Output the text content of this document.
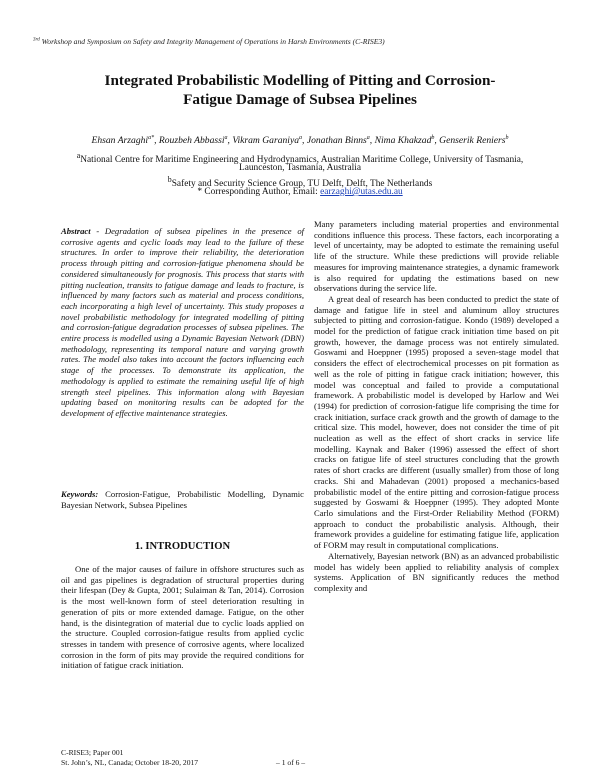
$^{3rd}$ Workshop and Symposium on Safety and Integrity Management of Operations in Harsh Environments (C-RISE3)
Integrated Probabilistic Modelling of Pitting and Corrosion-
Fatigue Damage of Subsea Pipelines
Ehsan Arzaghi$^{a*}$, Rouzbeh Abbassi$^a$, Vikram Garaniya$^a$, Jonathan Binns$^a$, Nima Khakzad$^b$, Genserik Reniers$^b$
$^a$National Centre for Maritime Engineering and Hydrodynamics, Australian Maritime College, University of Tasmania,
Launceston, Tasmania, Australia
$^b$Safety and Security Science Group, TU Delft, Delft, The Netherlands
* Corresponding Author, Email: earzaghi@utas.edu.au

Abstract - Degradation of subsea pipelines in the presence of corrosive agents and cyclic loads may lead to the failure of these structures. In order to improve their reliability, the deterioration process through pitting and corrosion-fatigue phenomena should be considered simultaneously for prognosis. This process that starts with pitting nucleation, transits to fatigue damage and leads to fracture, is influenced by many factors such as material and process conditions, each incorporating a high level of uncertainty. This study proposes a novel probabilistic methodology for integrated modelling of pitting and corrosion-fatigue degradation processes of subsea pipelines. The entire process is modelled using a Dynamic Bayesian Network (DBN) methodology, representing its temporal nature and varying growth rates. The model also takes into account the factors influencing each stage of the processes. To demonstrate its application, the methodology is applied to estimate the remaining useful life of high strength steel pipelines. This information along with Bayesian updating based on monitoring results can be adopted for the development of effective maintenance strategies.

Keywords: Corrosion-Fatigue, Probabilistic Modelling, Dynamic Bayesian Network, Subsea Pipelines

1. INTRODUCTION

One of the major causes of failure in offshore structures such as oil and gas pipelines is degradation of structural properties during their lifespan (Dey & Gupta, 2001; Sulaiman & Tan, 2014). Corrosion is the most well-known form of steel deterioration resulting in generation of pits or more extended damage. Fatigue, on the other hand, is the disintegration of material due to cyclic loads applied on the structure. Coupled corrosion-fatigue results from applied cyclic stresses in tandem with presence of corrosive agents, where localized corrosion in the form of pits may provide the required conditions for initiation of fatigue crack initiation.

Many parameters including material properties and environmental conditions influence this process. These factors, each incorporating a level of uncertainty, may be adopted to estimate the remaining useful life of the structure. While these predictions will provide reliable measures for improving maintenance strategies, a dynamic framework is also required for updating the estimations based on new observations during the service life.

A great deal of research has been conducted to predict the state of damage and fatigue life in steel and aluminum alloy structures subjected to pitting and corrosion-fatigue. Kondo (1989) developed a model for the prediction of fatigue crack initiation time based on pit growth, however, the damage process was not entirely simulated. Goswami and Hoeppner (1995) proposed a seven-stage model that considers the effect of electrochemical processes on pit formation as well as the role of pitting in fatigue crack initiation; however, this model was conceptual and failed to provide a computational framework. A probabilistic model is developed by Harlow and Wei (1994) for prediction of corrosion-fatigue life comprising the time for crack initiation, surface crack growth and the growth of damage to the critical size. This model, however, does not consider the time of pit nucleation as well as the effect of short cracks in service life modelling. Kaynak and Baker (1996) assessed the effect of short cracks on fatigue life of steel structures concluding that the growth rates of short cracks are different (usually smaller) from those of long cracks. Shi and Mahadevan (2001) proposed a mechanics-based probabilistic model of the entire pitting and corrosion-fatigue process suggested by Goswami & Hoeppner (1995). They adopted Monte Carlo simulations and the First-Order Reliability Method (FORM) approach to conduct the probabilistic analysis. Although, their framework provides a guideline for estimating fatigue life, application of FORM may result in computational complications.

Alternatively, Bayesian network (BN) as an advanced probabilistic model has widely been applied to reliability analysis of complex systems. Application of BN significantly reduces the method complexity and

C-RISE3; Paper 001
St. John’s, NL, Canada; October 18-20, 2017	– 1 of 6 –
